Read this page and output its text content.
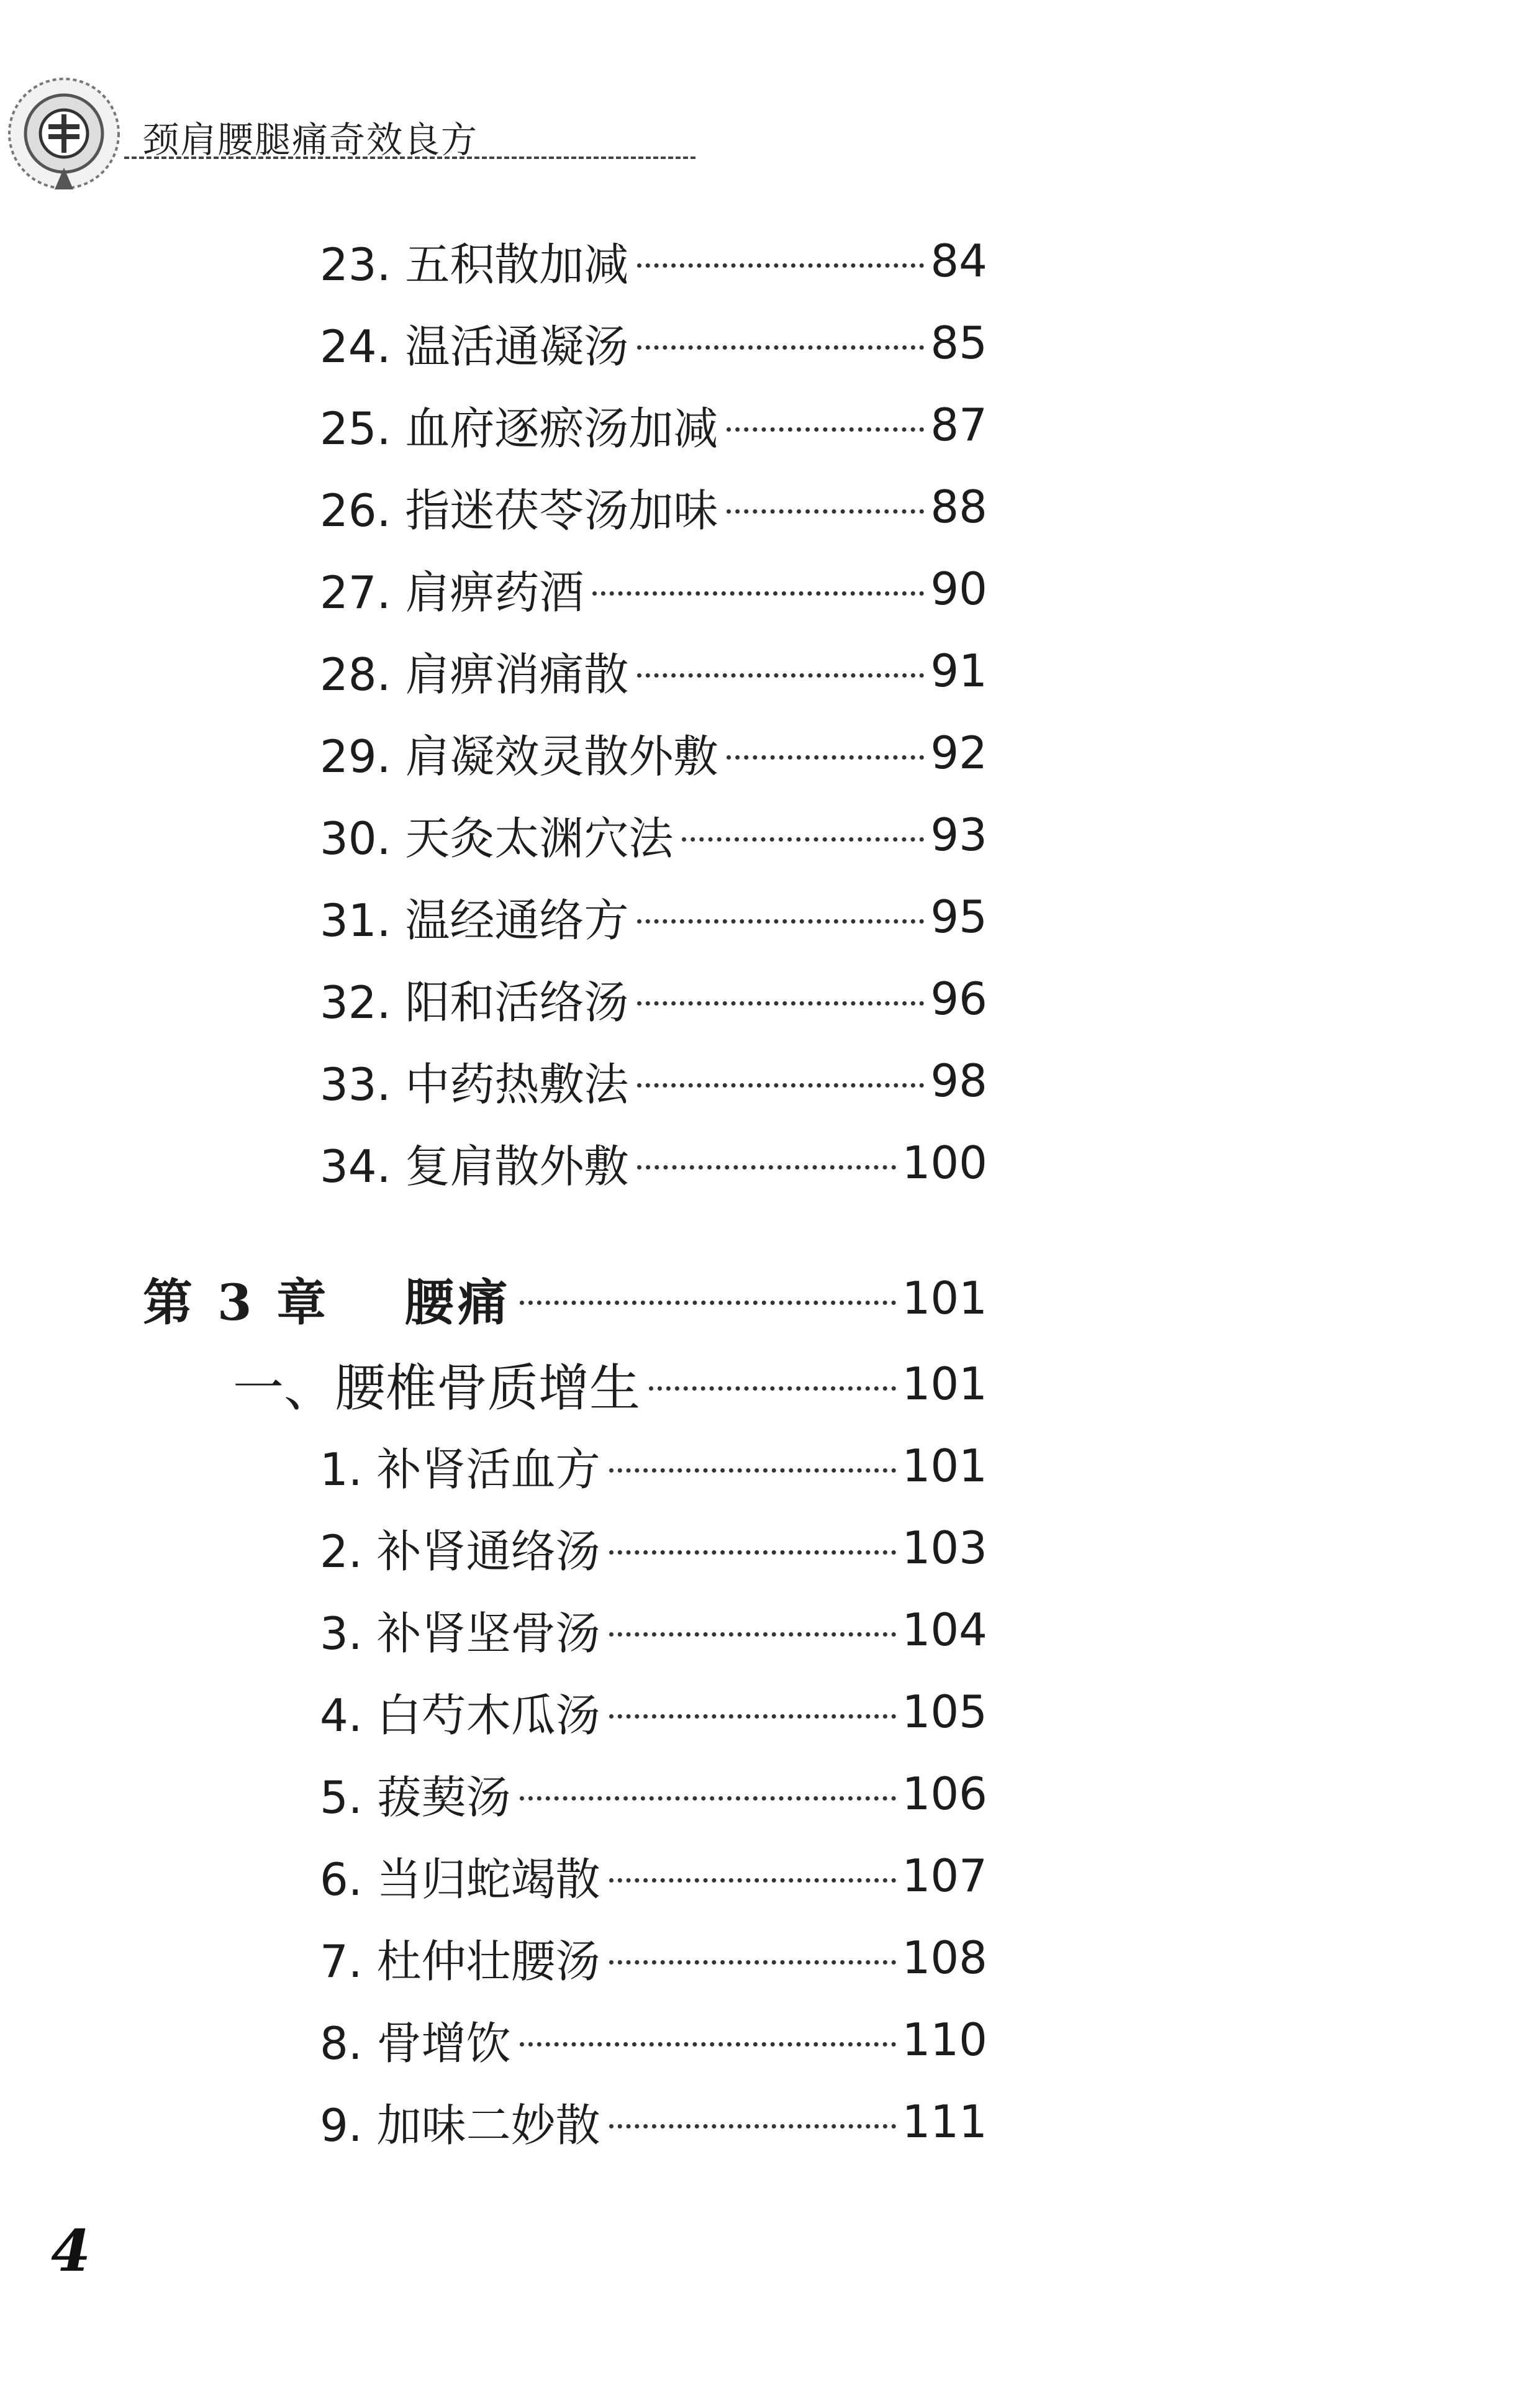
颈肩腰腿痛奇效良方
23. 五积散加减	84
24. 温活通凝汤	85
25. 血府逐瘀汤加减	87
26. 指迷茯苓汤加味	88
27. 肩痹药酒	90
28. 肩痹消痛散	91
29. 肩凝效灵散外敷	92
30. 天灸太渊穴法	93
31. 温经通络方	95
32. 阳和活络汤	96
33. 中药热敷法	98
34. 复肩散外敷	100
第 3 章　 腰痛	101
一、腰椎骨质增生	101
1. 补肾活血方	101
2. 补肾通络汤	103
3. 补肾坚骨汤	104
4. 白芍木瓜汤	105
5. 菝葜汤	106
6. 当归蛇竭散	107
7. 杜仲壮腰汤	108
8. 骨增饮	110
9. 加味二妙散	111
4
